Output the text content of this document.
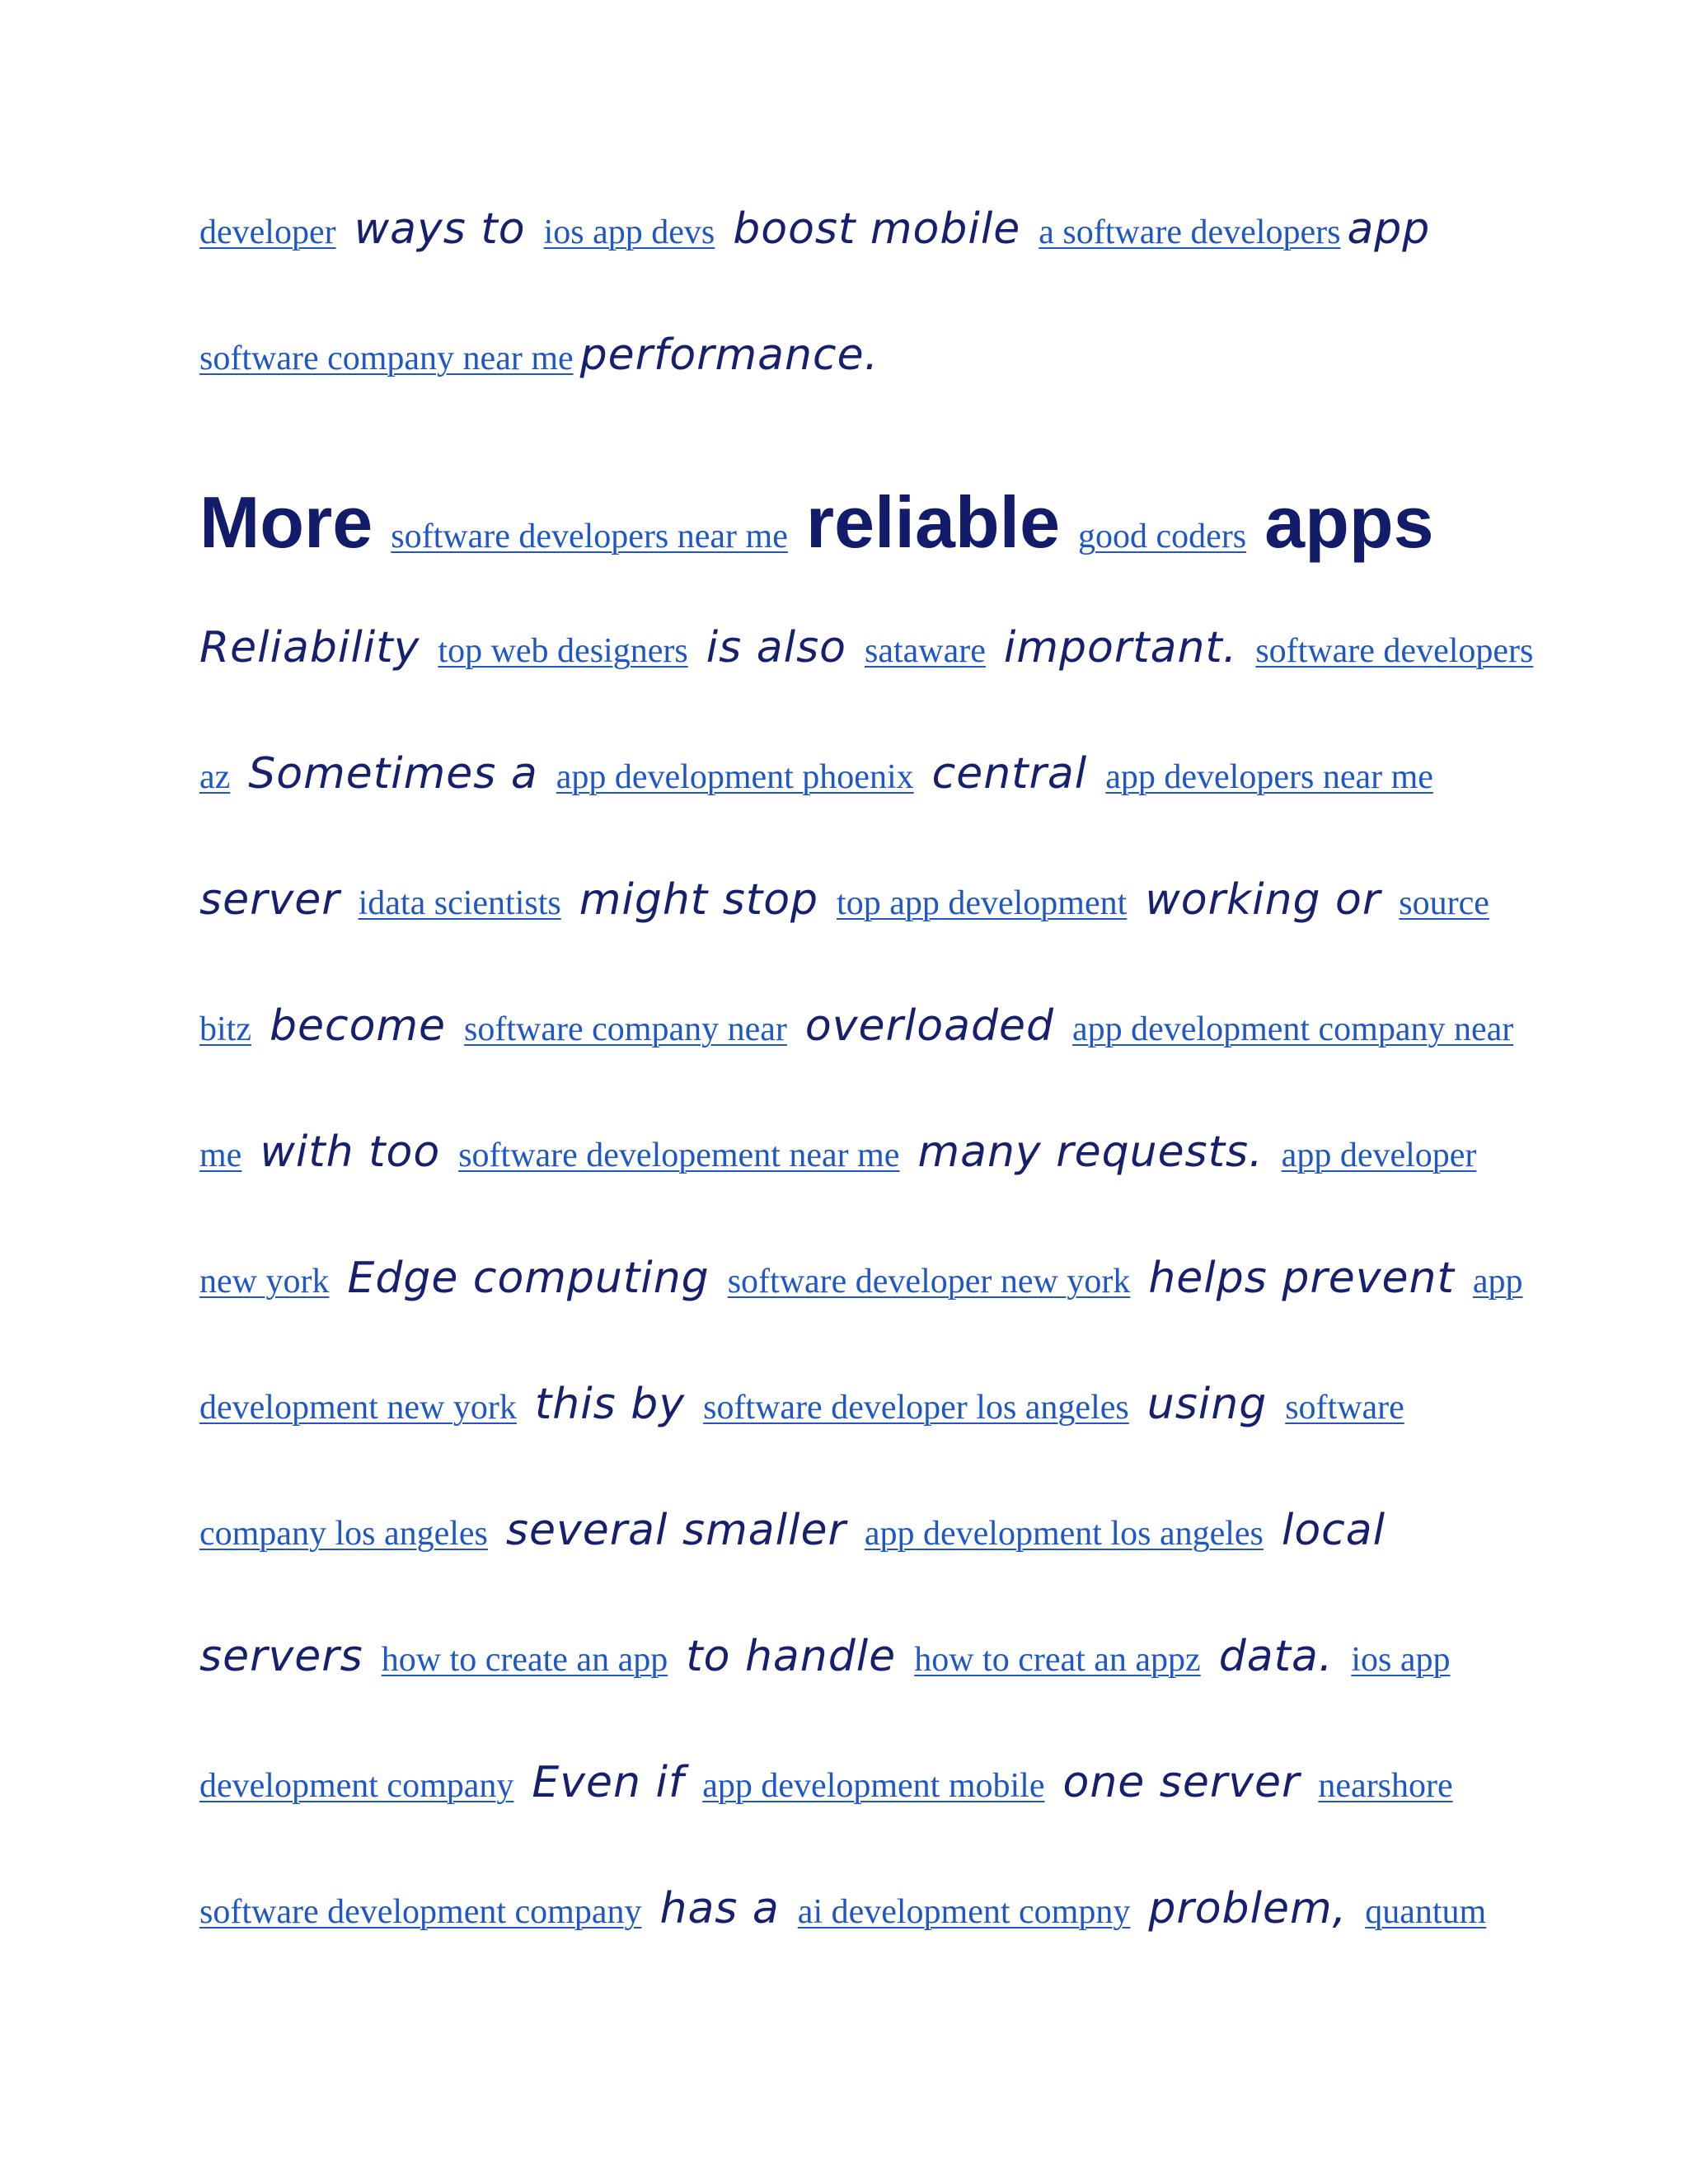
developer ways to ios app devs boost mobile a software developers app
software company near me performance.
More software developers near me reliable good coders apps
Reliability top web designers is also sataware important. software developers
az Sometimes a app development phoenix central app developers near me
server idata scientists might stop top app development working or source
bitz become software company near overloaded app development company near
me with too software developement near me many requests. app developer
new york Edge computing software developer new york helps prevent app
development new york this by software developer los angeles using software
company los angeles several smaller app development los angeles local
servers how to create an app to handle how to creat an appz data. ios app
development company Even if app development mobile one server nearshore
software development company has a ai development compny problem, quantum
